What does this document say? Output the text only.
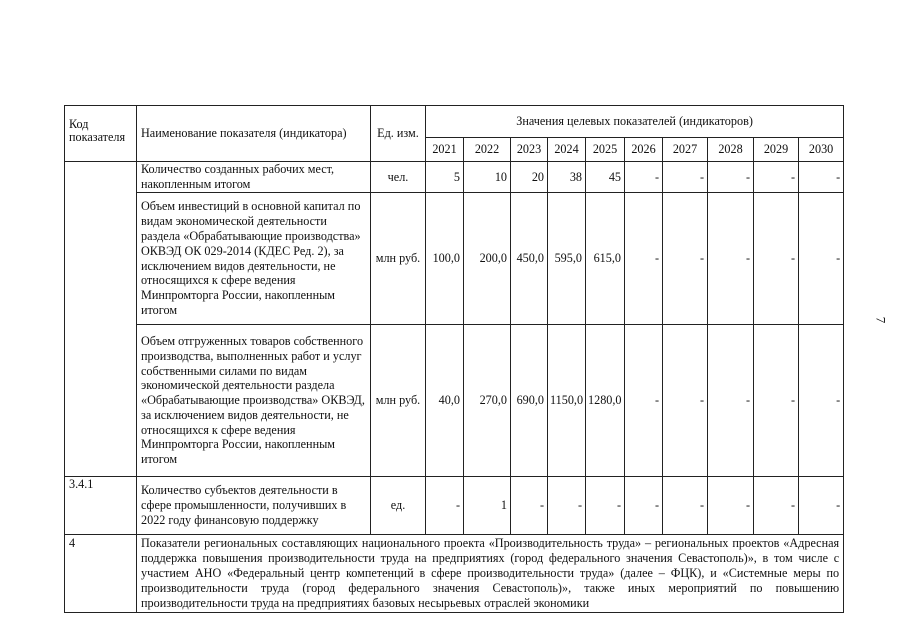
7
Код показателя	Наименование показателя (индикатора)	Ед. изм.	Значения целевых показателей (индикаторов)									
			2021	2022	2023	2024	2025	2026	2027	2028	2029	2030
	Количество созданных рабочих мест, накопленным итогом	чел.	5	10	20	38	45	-	-	-	-	-
	Объем инвестиций в основной капитал по видам экономической деятельности раздела «Обрабатывающие производства» ОКВЭД ОК 029-2014 (КДЕС Ред. 2), за исключением видов деятельности, не относящихся к сфере ведения Минпромторга России, накопленным итогом	млн руб.	100,0	200,0	450,0	595,0	615,0	-	-	-	-	-
	Объем отгруженных товаров собственного производства, выполненных работ и услуг собственными силами по видам экономической деятельности раздела «Обрабатывающие производства» ОКВЭД, за исключением видов деятельности, не относящихся к сфере ведения Минпромторга России, накопленным итогом	млн руб.	40,0	270,0	690,0	1150,0	1280,0	-	-	-	-	-
3.4.1	Количество субъектов деятельности в сфере промышленности, получивших в 2022 году финансовую поддержку	ед.	-	1	-	-	-	-	-	-	-	-
4	Показатели региональных составляющих национального проекта «Производительность труда» – региональных проектов «Адресная поддержка повышения производительности труда на предприятиях (город федерального значения Севастополь)», в том числе с участием АНО «Федеральный центр компетенций в сфере производительности труда» (далее – ФЦК), и «Системные меры по производительности труда (город федерального значения Севастополь)», также иных мероприятий по повышению производительности труда на предприятиях базовых несырьевых отраслей экономики											
